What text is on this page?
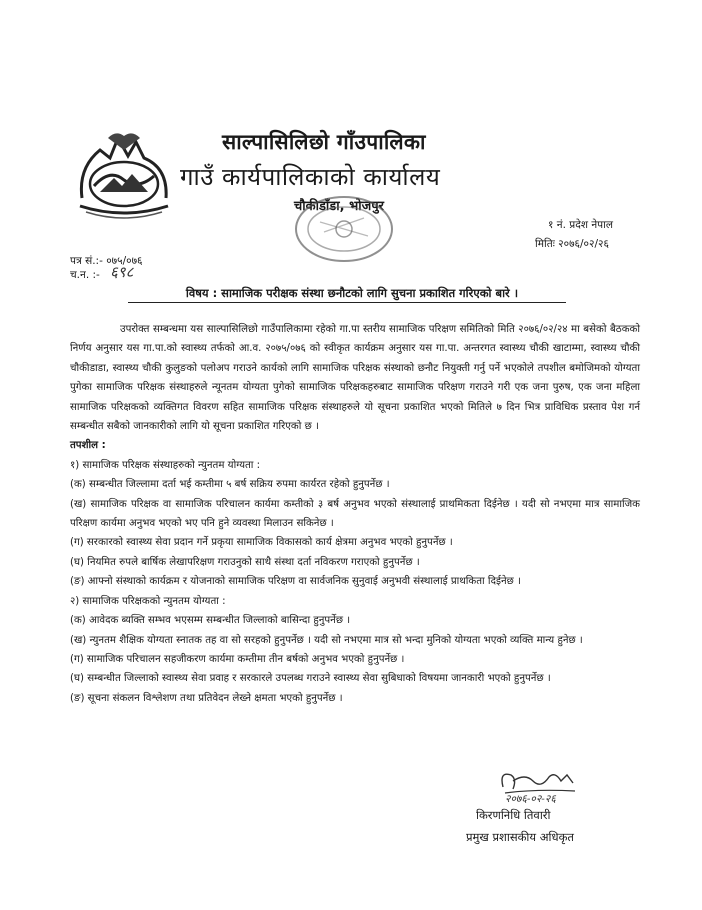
साल्पासिलिछो गाँउपालिका
गाउँ कार्यपालिकाको कार्यालय
चौकीडाँडा, भोजपुर
१ नं. प्रदेश नेपाल
मितिः २०७६/०२/२६
पत्र सं.:- ०७५/०७६
च.न. :- ६९८
विषय : सामाजिक परीक्षक संस्था छनौटको लागि सुचना प्रकाशित गरिएको बारे ।

उपरोक्त सम्बन्धमा यस साल्पासिलिछो गाउँपालिकामा रहेको गा.पा स्तरीय सामाजिक परिक्षण समितिको मिति २०७६/०२/२४ मा बसेको बैठकको निर्णय अनुसार यस गा.पा.को स्वास्थ्य तर्फको आ.व. २०७५/०७६ को स्वीकृत कार्यक्रम अनुसार यस गा.पा. अन्तरगत स्वास्थ्य चौकी खाटाम्मा, स्वास्थ्य चौकी चौकीडाडा, स्वास्थ्य चौकी कुलुङको पलोअप गराउने कार्यको लागि सामाजिक परिक्षक संस्थाको छनौट नियुक्ती गर्नु पर्ने भएकोले तपशील बमोजिमको योग्यता पुगेका सामाजिक परिक्षक संस्थाहरुले न्यूनतम योग्यता पुगेको सामाजिक परिक्षकहरुबाट सामाजिक परिक्षण गराउने गरी एक जना पुरुष, एक जना महिला सामाजिक परिक्षकको व्यक्तिगत विवरण सहित सामाजिक परिक्षक संस्थाहरुले यो सूचना प्रकाशित भएको मितिले ७ दिन भित्र प्राविधिक प्रस्ताव पेश गर्न सम्बन्धीत सबैको जानकारीको लागि यो सूचना प्रकाशित गरिएको छ ।

तपशील :

१) सामाजिक परिक्षक संस्थाहरुको न्युनतम योग्यता :

(क) सम्बन्धीत जिल्लामा दर्ता भई कम्तीमा ५ बर्ष सक्रिय रुपमा कार्यरत रहेको हुनुपर्नेछ ।

(ख) सामाजिक परिक्षक वा सामाजिक परिचालन कार्यमा कम्तीको ३ बर्ष अनुभव भएको संस्थालाई प्राथमिकता दिईनेछ । यदी सो नभएमा मात्र सामाजिक परिक्षण कार्यमा अनुभव भएको भए पनि हुने व्यवस्था मिलाउन सकिनेछ ।

(ग) सरकारको स्वास्थ्य सेवा प्रदान गर्ने प्रकृया सामाजिक विकासको कार्य क्षेत्रमा अनुभव भएको हुनुपर्नेछ ।

(घ) नियमित रुपले बार्षिक लेखापरिक्षण गराउनुको साथै संस्था दर्ता नविकरण गराएको हुनुपर्नेछ ।

(ङ) आफ्नो संस्थाको कार्यक्रम र योजनाको सामाजिक परिक्षण वा सार्वजनिक सुनुवाई अनुभवी संस्थालाई प्राथकिता दिईनेछ ।

२) सामाजिक परिक्षकको न्युनतम योग्यता :

(क) आवेदक ब्यक्ति सम्भव भएसम्म सम्बन्धीत जिल्लाको बासिन्दा हुनुपर्नेछ ।

(ख) न्युनतम शैक्षिक योग्यता स्नातक तह वा सो सरहको हुनुपर्नेछ । यदी सो नभएमा मात्र सो भन्दा मुनिको योग्यता भएको व्यक्ति मान्य हुनेछ ।

(ग) सामाजिक परिचालन सहजीकरण कार्यमा कम्तीमा तीन बर्षको अनुभव भएको हुनुपर्नेछ ।

(घ) सम्बन्धीत जिल्लाको स्वास्थ्य सेवा प्रवाह र सरकारले उपलब्ध गराउने स्वास्थ्य सेवा सुबिधाको विषयमा जानकारी भएको हुनुपर्नेछ ।

(ङ) सूचना संकलन विश्लेशण तथा प्रतिवेदन लेख्ने क्षमता भएको हुनुपर्नेछ ।

२०७६-०२-२६
किरणनिधि तिवारी
प्रमुख प्रशासकीय अधिकृत
